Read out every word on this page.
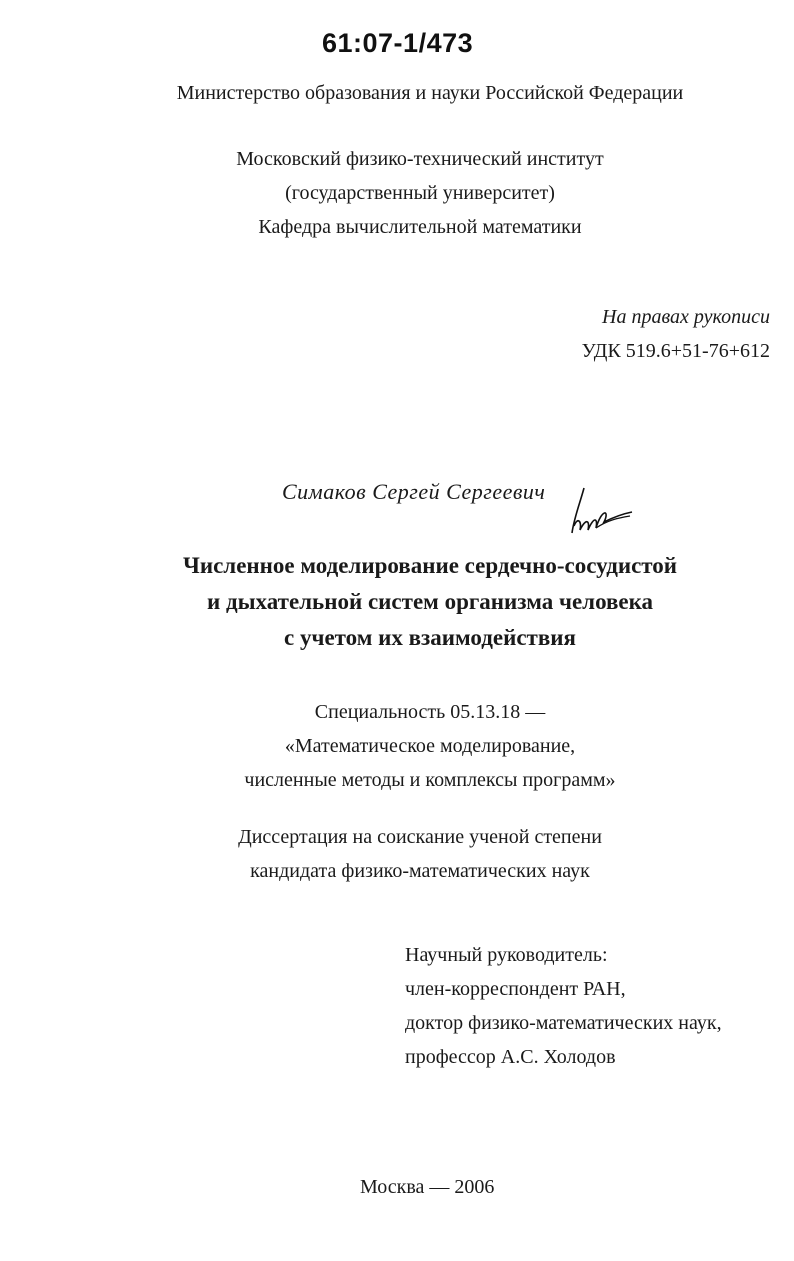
61:07-1/473
Министерство образования и науки Российской Федерации
Московский физико-технический институт
(государственный университет)
Кафедра вычислительной математики
На правах рукописи
УДК 519.6+51-76+612
Симаков Сергей Сергеевич
Численное моделирование сердечно-сосудистой
и дыхательной систем организма человека
с учетом их взаимодействия
Специальность 05.13.18 —
«Математическое моделирование,
численные методы и комплексы программ»
Диссертация на соискание ученой степени
кандидата физико-математических наук
Научный руководитель:
член-корреспондент РАН,
доктор физико-математических наук,
профессор А.С. Холодов
Москва — 2006
